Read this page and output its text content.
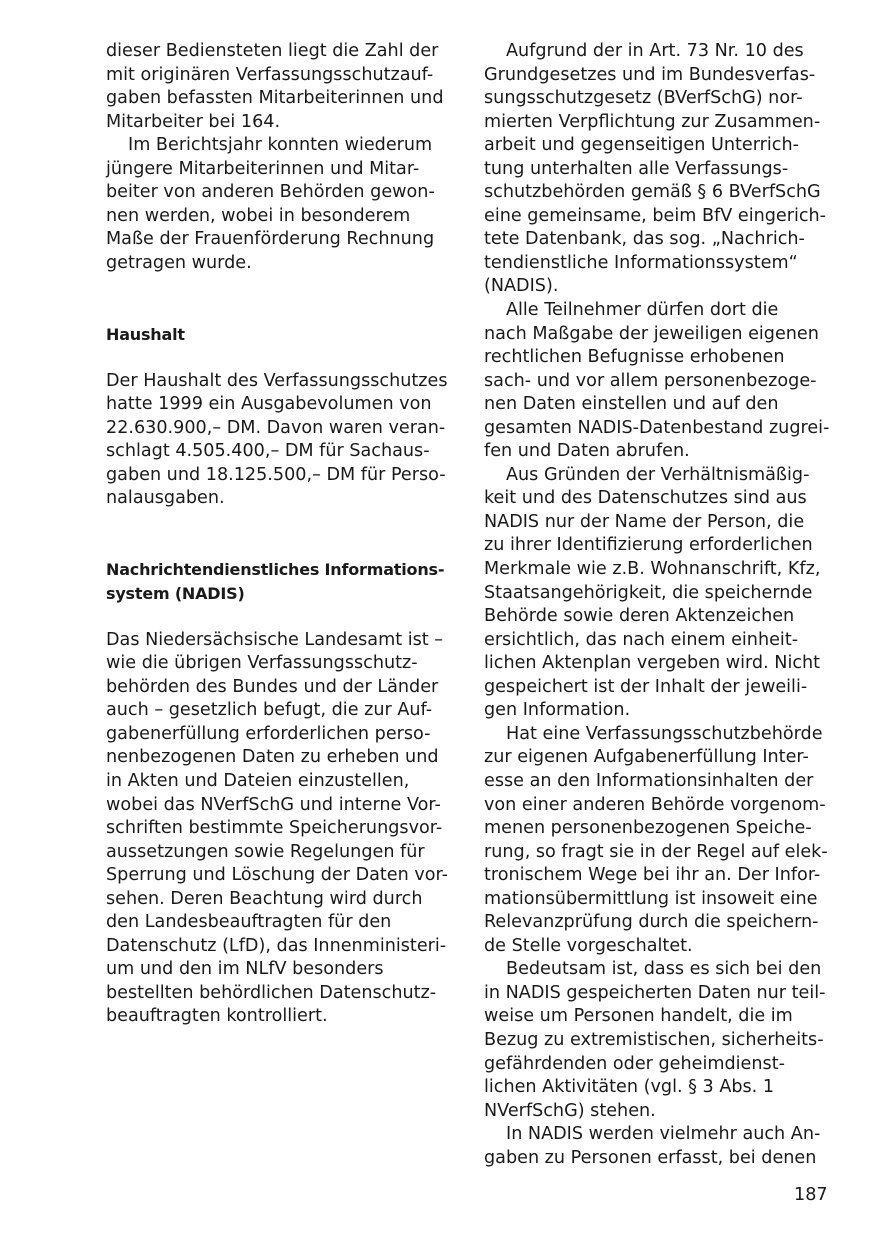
dieser Bediensteten liegt die Zahl der
mit originären Verfassungsschutzauf-
gaben befassten Mitarbeiterinnen und
Mitarbeiter bei 164.
Im Berichtsjahr konnten wiederum
jüngere Mitarbeiterinnen und Mitar-
beiter von anderen Behörden gewon-
nen werden, wobei in besonderem
Maße der Frauenförderung Rechnung
getragen wurde.
Haushalt
Der Haushalt des Verfassungsschutzes
hatte 1999 ein Ausgabevolumen von
22.630.900,– DM. Davon waren veran-
schlagt 4.505.400,– DM für Sachaus-
gaben und 18.125.500,– DM für Perso-
nalausgaben.
Nachrichtendienstliches Informations-
system (NADIS)
Das Niedersächsische Landesamt ist –
wie die übrigen Verfassungsschutz-
behörden des Bundes und der Länder
auch – gesetzlich befugt, die zur Auf-
gabenerfüllung erforderlichen perso-
nenbezogenen Daten zu erheben und
in Akten und Dateien einzustellen,
wobei das NVerfSchG und interne Vor-
schriften bestimmte Speicherungsvor-
aussetzungen sowie Regelungen für
Sperrung und Löschung der Daten vor-
sehen. Deren Beachtung wird durch
den Landesbeauftragten für den
Datenschutz (LfD), das Innenministeri-
um und den im NLfV besonders
bestellten behördlichen Datenschutz-
beauftragten kontrolliert.
Aufgrund der in Art. 73 Nr. 10 des
Grundgesetzes und im Bundesverfas-
sungsschutzgesetz (BVerfSchG) nor-
mierten Verpflichtung zur Zusammen-
arbeit und gegenseitigen Unterrich-
tung unterhalten alle Verfassungs-
schutzbehörden gemäß § 6 BVerfSchG
eine gemeinsame, beim BfV eingerich-
tete Datenbank, das sog. „Nachrich-
tendienstliche Informationssystem“
(NADIS).
Alle Teilnehmer dürfen dort die
nach Maßgabe der jeweiligen eigenen
rechtlichen Befugnisse erhobenen
sach- und vor allem personenbezoge-
nen Daten einstellen und auf den
gesamten NADIS-Datenbestand zugrei-
fen und Daten abrufen.
Aus Gründen der Verhältnismäßig-
keit und des Datenschutzes sind aus
NADIS nur der Name der Person, die
zu ihrer Identifizierung erforderlichen
Merkmale wie z.B. Wohnanschrift, Kfz,
Staatsangehörigkeit, die speichernde
Behörde sowie deren Aktenzeichen
ersichtlich, das nach einem einheit-
lichen Aktenplan vergeben wird. Nicht
gespeichert ist der Inhalt der jeweili-
gen Information.
Hat eine Verfassungsschutzbehörde
zur eigenen Aufgabenerfüllung Inter-
esse an den Informationsinhalten der
von einer anderen Behörde vorgenom-
menen personenbezogenen Speiche-
rung, so fragt sie in der Regel auf elek-
tronischem Wege bei ihr an. Der Infor-
mationsübermittlung ist insoweit eine
Relevanzprüfung durch die speichern-
de Stelle vorgeschaltet.
Bedeutsam ist, dass es sich bei den
in NADIS gespeicherten Daten nur teil-
weise um Personen handelt, die im
Bezug zu extremistischen, sicherheits-
gefährdenden oder geheimdienst-
lichen Aktivitäten (vgl. § 3 Abs. 1
NVerfSchG) stehen.
In NADIS werden vielmehr auch An-
gaben zu Personen erfasst, bei denen
187
